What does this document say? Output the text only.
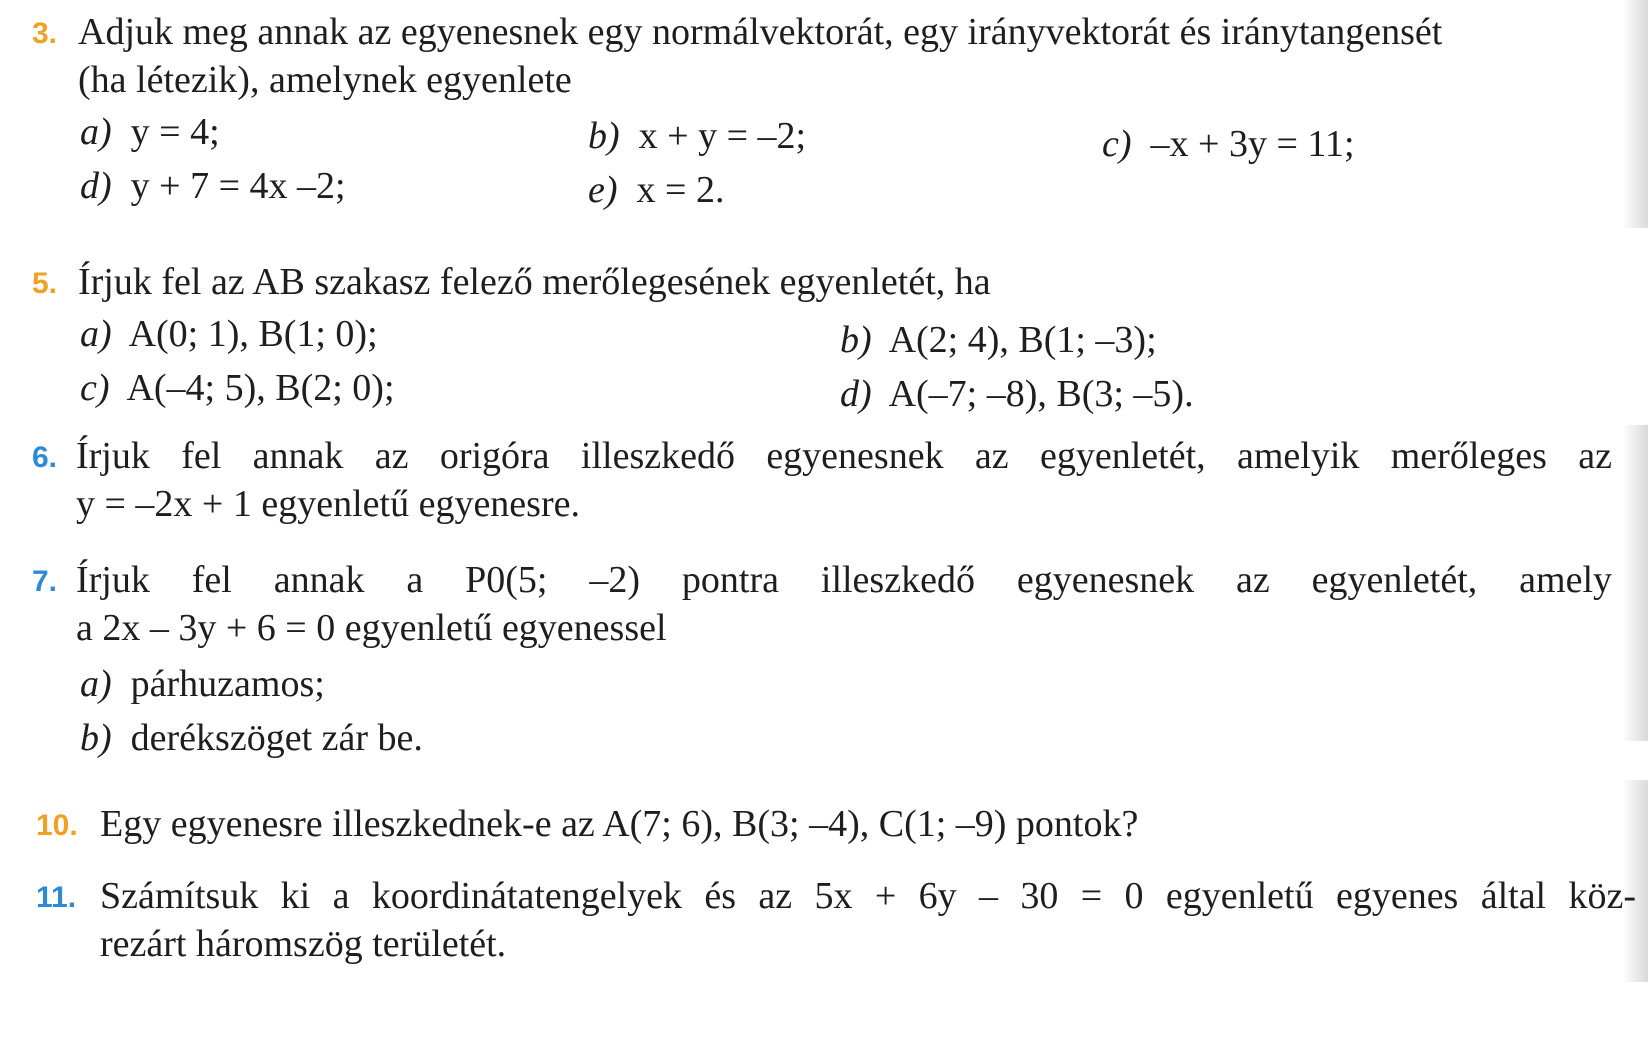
3. Adjuk meg annak az egyenesnek egy normálvektorát, egy irányvektorát és iránytangensét
(ha létezik), amelynek egyenlete
a) y = 4;	b) x + y = –2;	c) –x + 3y = 11;
d) y + 7 = 4x –2;	e) x = 2.
5. Írjuk fel az AB szakasz felező merőlegesének egyenletét, ha
a) A(0; 1), B(1; 0);	b) A(2; 4), B(1; –3);
c) A(–4; 5), B(2; 0);	d) A(–7; –8), B(3; –5).
6. Írjuk fel annak az origóra illeszkedő egyenesnek az egyenletét, amelyik merőleges az
y = –2x + 1 egyenletű egyenesre.
7. Írjuk fel annak a P0(5; –2) pontra illeszkedő egyenesnek az egyenletét, amely
a 2x – 3y + 6 = 0 egyenletű egyenessel
a) párhuzamos;
b) derékszöget zár be.
10. Egy egyenesre illeszkednek-e az A(7; 6), B(3; –4), C(1; –9) pontok?
11. Számítsuk ki a koordinátatengelyek és az 5x + 6y – 30 = 0 egyenletű egyenes által köz-
rezárt háromszög területét.
